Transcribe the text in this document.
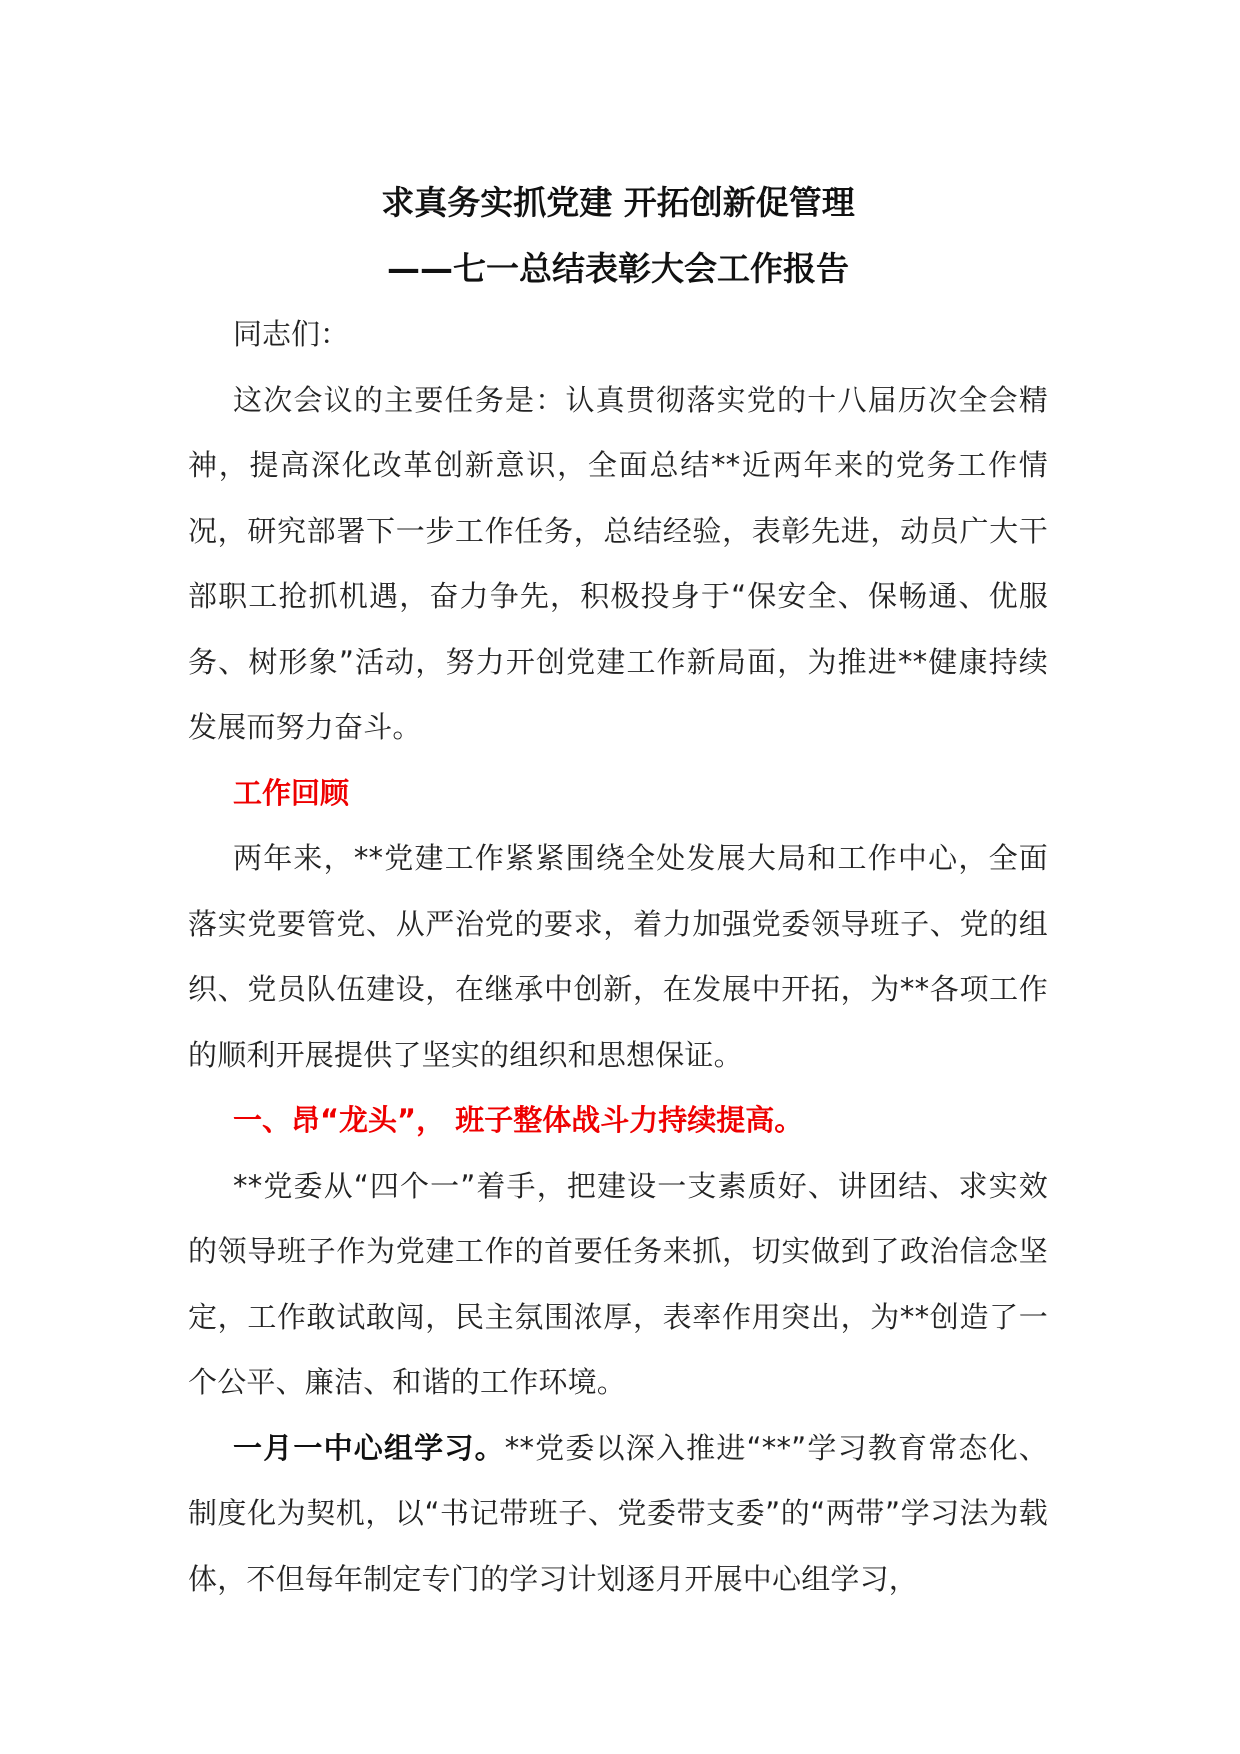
求真务实抓党建 开拓创新促管理

——七一总结表彰大会工作报告

同志们：

这次会议的主要任务是：认真贯彻落实党的十八届历次全会精神，提高深化改革创新意识，全面总结**近两年来的党务工作情况，研究部署下一步工作任务，总结经验，表彰先进，动员广大干部职工抢抓机遇，奋力争先，积极投身于“保安全、保畅通、优服务、树形象”活动，努力开创党建工作新局面，为推进**健康持续发展而努力奋斗。

工作回顾

两年来，**党建工作紧紧围绕全处发展大局和工作中心，全面落实党要管党、从严治党的要求，着力加强党委领导班子、党的组织、党员队伍建设，在继承中创新，在发展中开拓，为**各项工作的顺利开展提供了坚实的组织和思想保证。

一、昂“龙头”， 班子整体战斗力持续提高。

**党委从“四个一”着手，把建设一支素质好、讲团结、求实效的领导班子作为党建工作的首要任务来抓，切实做到了政治信念坚定，工作敢试敢闯，民主氛围浓厚，表率作用突出，为**创造了一个公平、廉洁、和谐的工作环境。

一月一中心组学习。**党委以深入推进“**”学习教育常态化、制度化为契机，以“书记带班子、党委带支委”的“两带”学习法为载体，不但每年制定专门的学习计划逐月开展中心组学习，
